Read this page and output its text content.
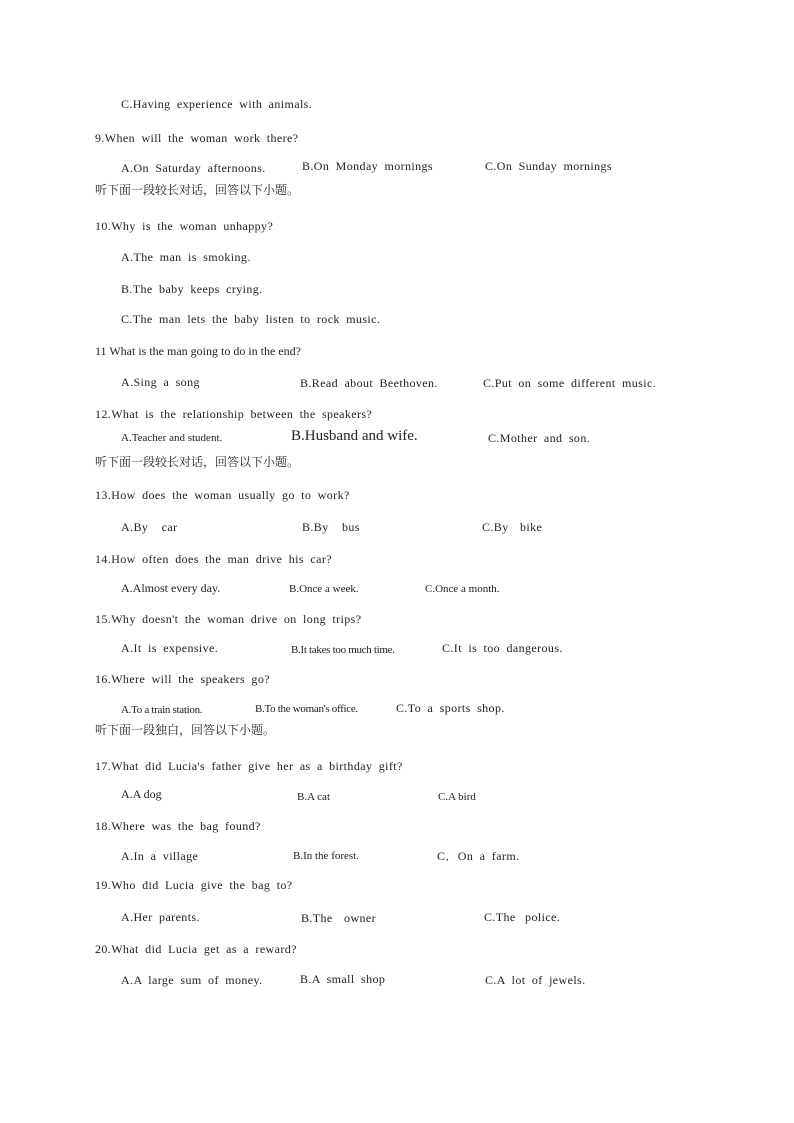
C.Having experience with animals.
9.When will the woman work there?
A.On Saturday afternoons.	B.On Monday mornings	C.On Sunday mornings
听下面一段较长对话，回答以下小题。
10.Why is the woman unhappy?
A.The man is smoking.
B.The baby keeps crying.
C.The man lets the baby listen to rock music.
11 What is the man going to do in the end?
A.Sing a song	B.Read about Beethoven.	C.Put on some different music.
12.What is the relationship between the speakers?
A.Teacher and student.	B.Husband and wife.	C.Mother and son.
听下面一段较长对话，回答以下小题。
13.How does the woman usually go to work?
A.By car	B.By bus	C.By bike
14.How often does the man drive his car?
A.Almost every day.	B.Once a week.	C.Once a month.
15.Why doesn't the woman drive on long trips?
A.It is expensive.	B.It takes too much time.	C.It is too dangerous.
16.Where will the speakers go?
A.To a train station.	B.To the woman's office.	C.To a sports shop.
听下面一段独白，回答以下小题。
17.What did Lucia's father give her as a birthday gift?
A.A dog	B.A cat	C.A bird
18.Where was the bag found?
A.In a village	B.In the forest.	C．On a farm.
19.Who did Lucia give the bag to?
A.Her parents.	B.The owner	C.The police.
20.What did Lucia get as a reward?
A.A large sum of money.	B.A small shop	C.A lot of jewels.
